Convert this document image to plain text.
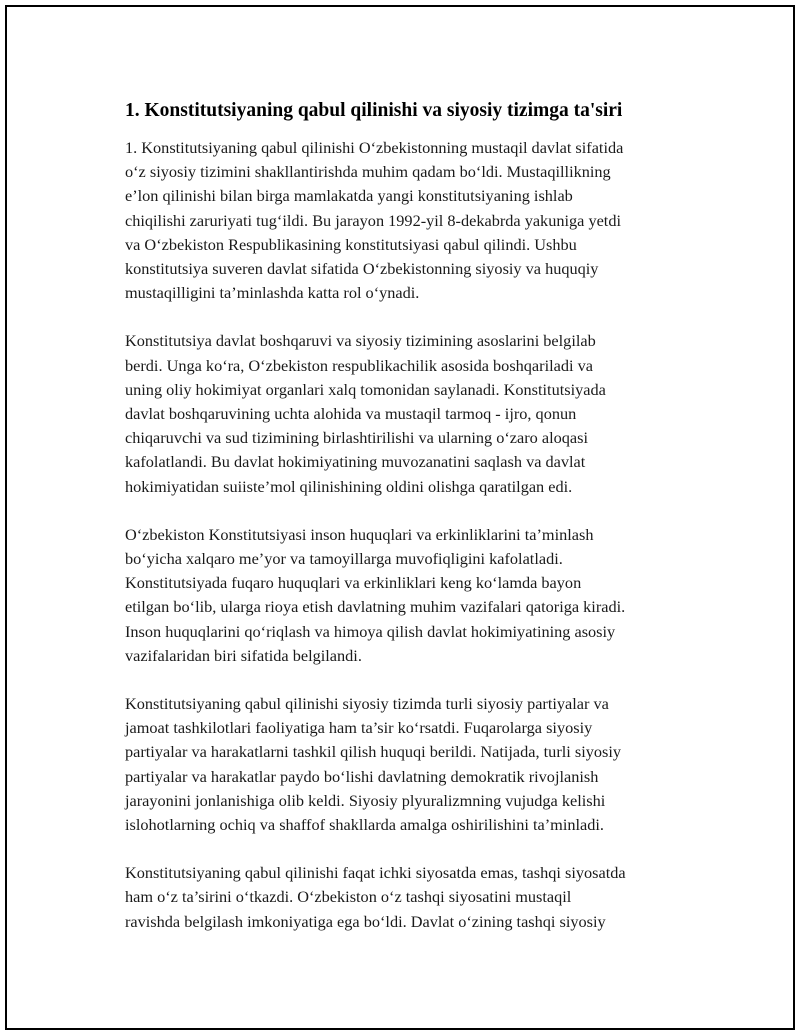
1. Konstitutsiyaning qabul qilinishi va siyosiy tizimga ta'siri

1. Konstitutsiyaning qabul qilinishi O‘zbekistonning mustaqil davlat sifatida
o‘z siyosiy tizimini shakllantirishda muhim qadam bo‘ldi. Mustaqillikning
e’lon qilinishi bilan birga mamlakatda yangi konstitutsiyaning ishlab
chiqilishi zaruriyati tug‘ildi. Bu jarayon 1992-yil 8-dekabrda yakuniga yetdi
va O‘zbekiston Respublikasining konstitutsiyasi qabul qilindi. Ushbu
konstitutsiya suveren davlat sifatida O‘zbekistonning siyosiy va huquqiy
mustaqilligini ta’minlashda katta rol o‘ynadi.

Konstitutsiya davlat boshqaruvi va siyosiy tizimining asoslarini belgilab
berdi. Unga ko‘ra, O‘zbekiston respublikachilik asosida boshqariladi va
uning oliy hokimiyat organlari xalq tomonidan saylanadi. Konstitutsiyada
davlat boshqaruvining uchta alohida va mustaqil tarmoq - ijro, qonun
chiqaruvchi va sud tizimining birlashtirilishi va ularning o‘zaro aloqasi
kafolatlandi. Bu davlat hokimiyatining muvozanatini saqlash va davlat
hokimiyatidan suiiste’mol qilinishining oldini olishga qaratilgan edi.

O‘zbekiston Konstitutsiyasi inson huquqlari va erkinliklarini ta’minlash
bo‘yicha xalqaro me’yor va tamoyillarga muvofiqligini kafolatladi.
Konstitutsiyada fuqaro huquqlari va erkinliklari keng ko‘lamda bayon
etilgan bo‘lib, ularga rioya etish davlatning muhim vazifalari qatoriga kiradi.
Inson huquqlarini qo‘riqlash va himoya qilish davlat hokimiyatining asosiy
vazifalaridan biri sifatida belgilandi.

Konstitutsiyaning qabul qilinishi siyosiy tizimda turli siyosiy partiyalar va
jamoat tashkilotlari faoliyatiga ham ta’sir ko‘rsatdi. Fuqarolarga siyosiy
partiyalar va harakatlarni tashkil qilish huquqi berildi. Natijada, turli siyosiy
partiyalar va harakatlar paydo bo‘lishi davlatning demokratik rivojlanish
jarayonini jonlanishiga olib keldi. Siyosiy plyuralizmning vujudga kelishi
islohotlarning ochiq va shaffof shakllarda amalga oshirilishini ta’minladi.

Konstitutsiyaning qabul qilinishi faqat ichki siyosatda emas, tashqi siyosatda
ham o‘z ta’sirini o‘tkazdi. O‘zbekiston o‘z tashqi siyosatini mustaqil
ravishda belgilash imkoniyatiga ega bo‘ldi. Davlat o‘zining tashqi siyosiy
